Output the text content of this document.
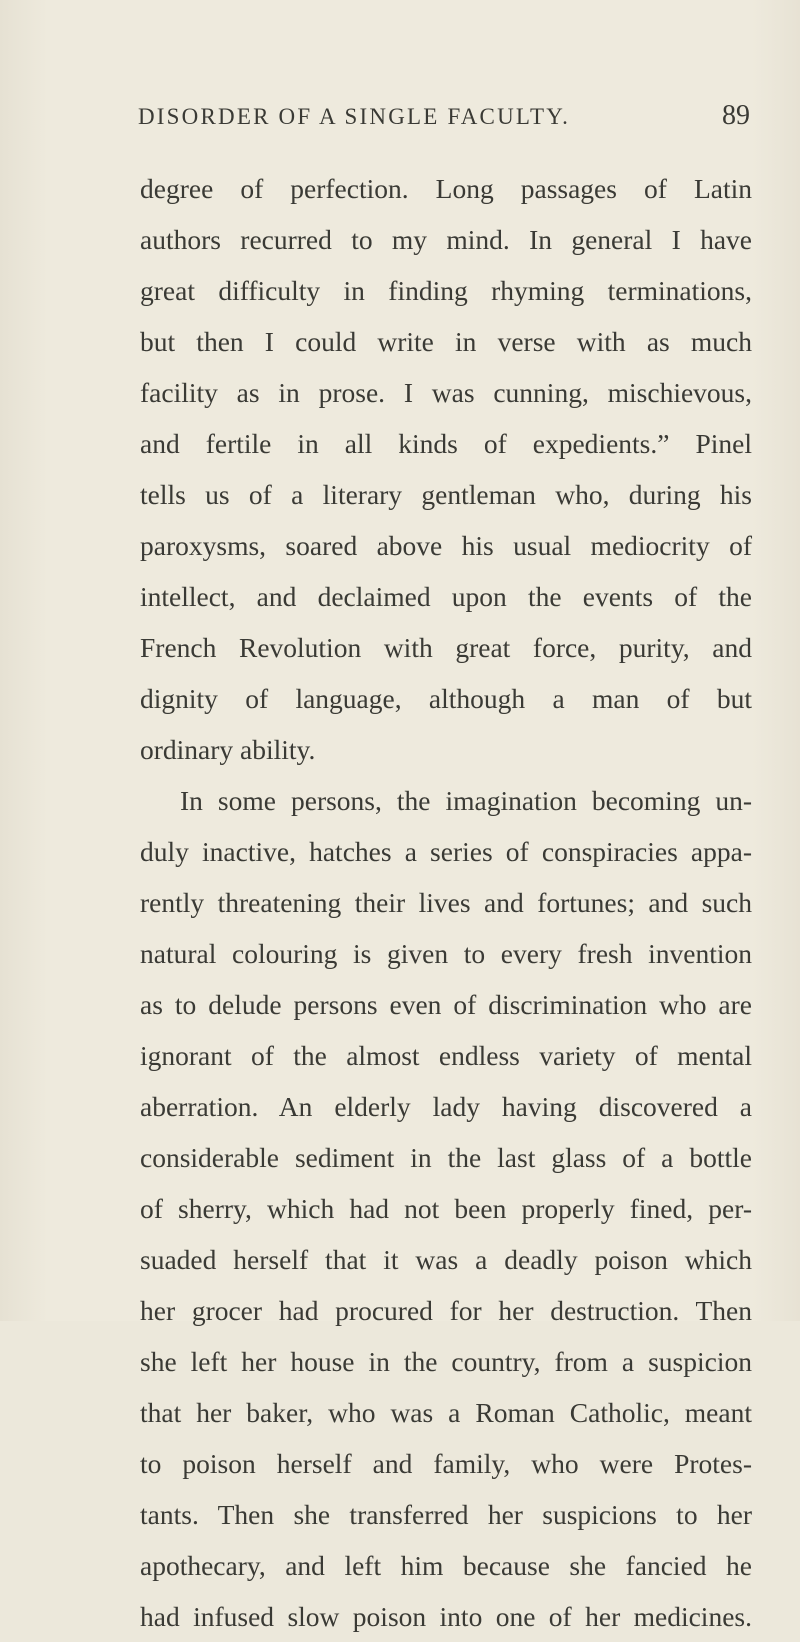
DISORDER OF A SINGLE FACULTY.	89
degree of perfection. Long passages of Latin
authors recurred to my mind. In general I have
great difficulty in finding rhyming terminations,
but then I could write in verse with as much
facility as in prose. I was cunning, mischievous,
and fertile in all kinds of expedients.” Pinel
tells us of a literary gentleman who, during his
paroxysms, soared above his usual mediocrity of
intellect, and declaimed upon the events of the
French Revolution with great force, purity, and
dignity of language, although a man of but
ordinary ability.
In some persons, the imagination becoming un-
duly inactive, hatches a series of conspiracies appa-
rently threatening their lives and fortunes; and such
natural colouring is given to every fresh invention
as to delude persons even of discrimination who are
ignorant of the almost endless variety of mental
aberration. An elderly lady having discovered a
considerable sediment in the last glass of a bottle
of sherry, which had not been properly fined, per-
suaded herself that it was a deadly poison which
her grocer had procured for her destruction. Then
she left her house in the country, from a suspicion
that her baker, who was a Roman Catholic, meant
to poison herself and family, who were Protes-
tants. Then she transferred her suspicions to her
apothecary, and left him because she fancied he
had infused slow poison into one of her medicines.
